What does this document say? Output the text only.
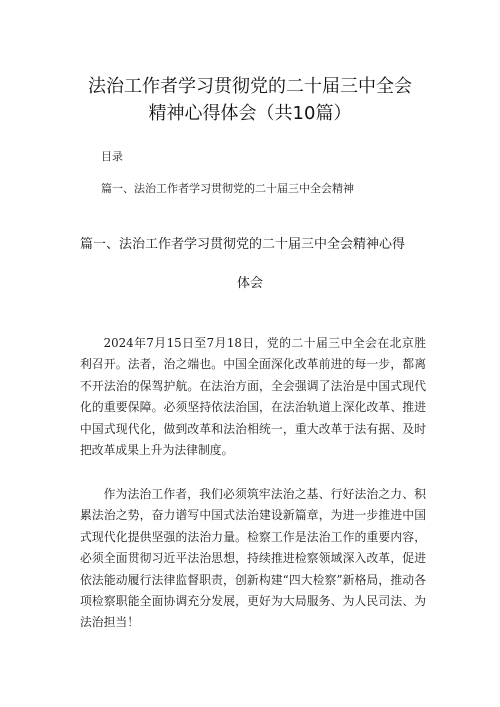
法治工作者学习贯彻党的二十届三中全会
精神心得体会（共10篇）
目录
篇一、法治工作者学习贯彻党的二十届三中全会精神
篇一、法治工作者学习贯彻党的二十届三中全会精神心得
体会

2024年7月15日至7月18日，党的二十届三中全会在北京胜利召开。法者，治之端也。中国全面深化改革前进的每一步，都离不开法治的保驾护航。在法治方面，全会强调了法治是中国式现代化的重要保障。必须坚持依法治国，在法治轨道上深化改革、推进中国式现代化，做到改革和法治相统一，重大改革于法有据、及时把改革成果上升为法律制度。

作为法治工作者，我们必须筑牢法治之基、行好法治之力、积累法治之势，奋力谱写中国式法治建设新篇章，为进一步推进中国式现代化提供坚强的法治力量。检察工作是法治工作的重要内容，必须全面贯彻习近平法治思想，持续推进检察领域深入改革，促进依法能动履行法律监督职责，创新构建“四大检察”新格局，推动各项检察职能全面协调充分发展，更好为大局服务、为人民司法、为法治担当！
